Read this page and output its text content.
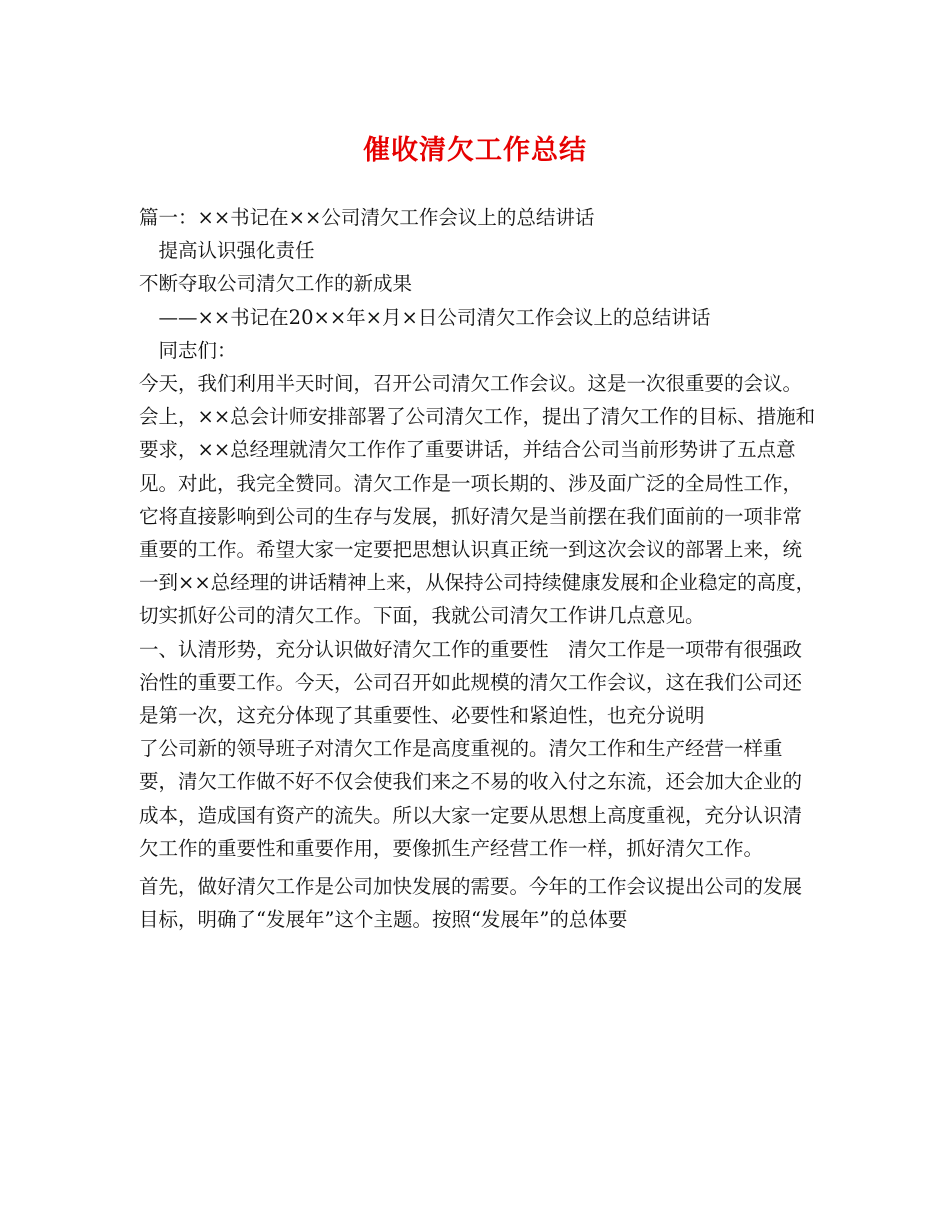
催收清欠工作总结
篇一：××书记在××公司清欠工作会议上的总结讲话
　提高认识强化责任
不断夺取公司清欠工作的新成果
　——××书记在20××年×月×日公司清欠工作会议上的总结讲话
　同志们：
今天，我们利用半天时间，召开公司清欠工作会议。这是一次很重要的会议。会上，××总会计师安排部署了公司清欠工作，提出了清欠工作的目标、措施和要求，××总经理就清欠工作作了重要讲话，并结合公司当前形势讲了五点意见。对此，我完全赞同。清欠工作是一项长期的、涉及面广泛的全局性工作，它将直接影响到公司的生存与发展，抓好清欠是当前摆在我们面前的一项非常重要的工作。希望大家一定要把思想认识真正统一到这次会议的部署上来，统一到××总经理的讲话精神上来，从保持公司持续健康发展和企业稳定的高度，切实抓好公司的清欠工作。下面，我就公司清欠工作讲几点意见。
一、认清形势，充分认识做好清欠工作的重要性　清欠工作是一项带有很强政治性的重要工作。今天，公司召开如此规模的清欠工作会议，这在我们公司还是第一次，这充分体现了其重要性、必要性和紧迫性，也充分说明
了公司新的领导班子对清欠工作是高度重视的。清欠工作和生产经营一样重要，清欠工作做不好不仅会使我们来之不易的收入付之东流，还会加大企业的成本，造成国有资产的流失。所以大家一定要从思想上高度重视，充分认识清欠工作的重要性和重要作用，要像抓生产经营工作一样，抓好清欠工作。
首先，做好清欠工作是公司加快发展的需要。今年的工作会议提出公司的发展目标，明确了“发展年”这个主题。按照“发展年”的总体要
